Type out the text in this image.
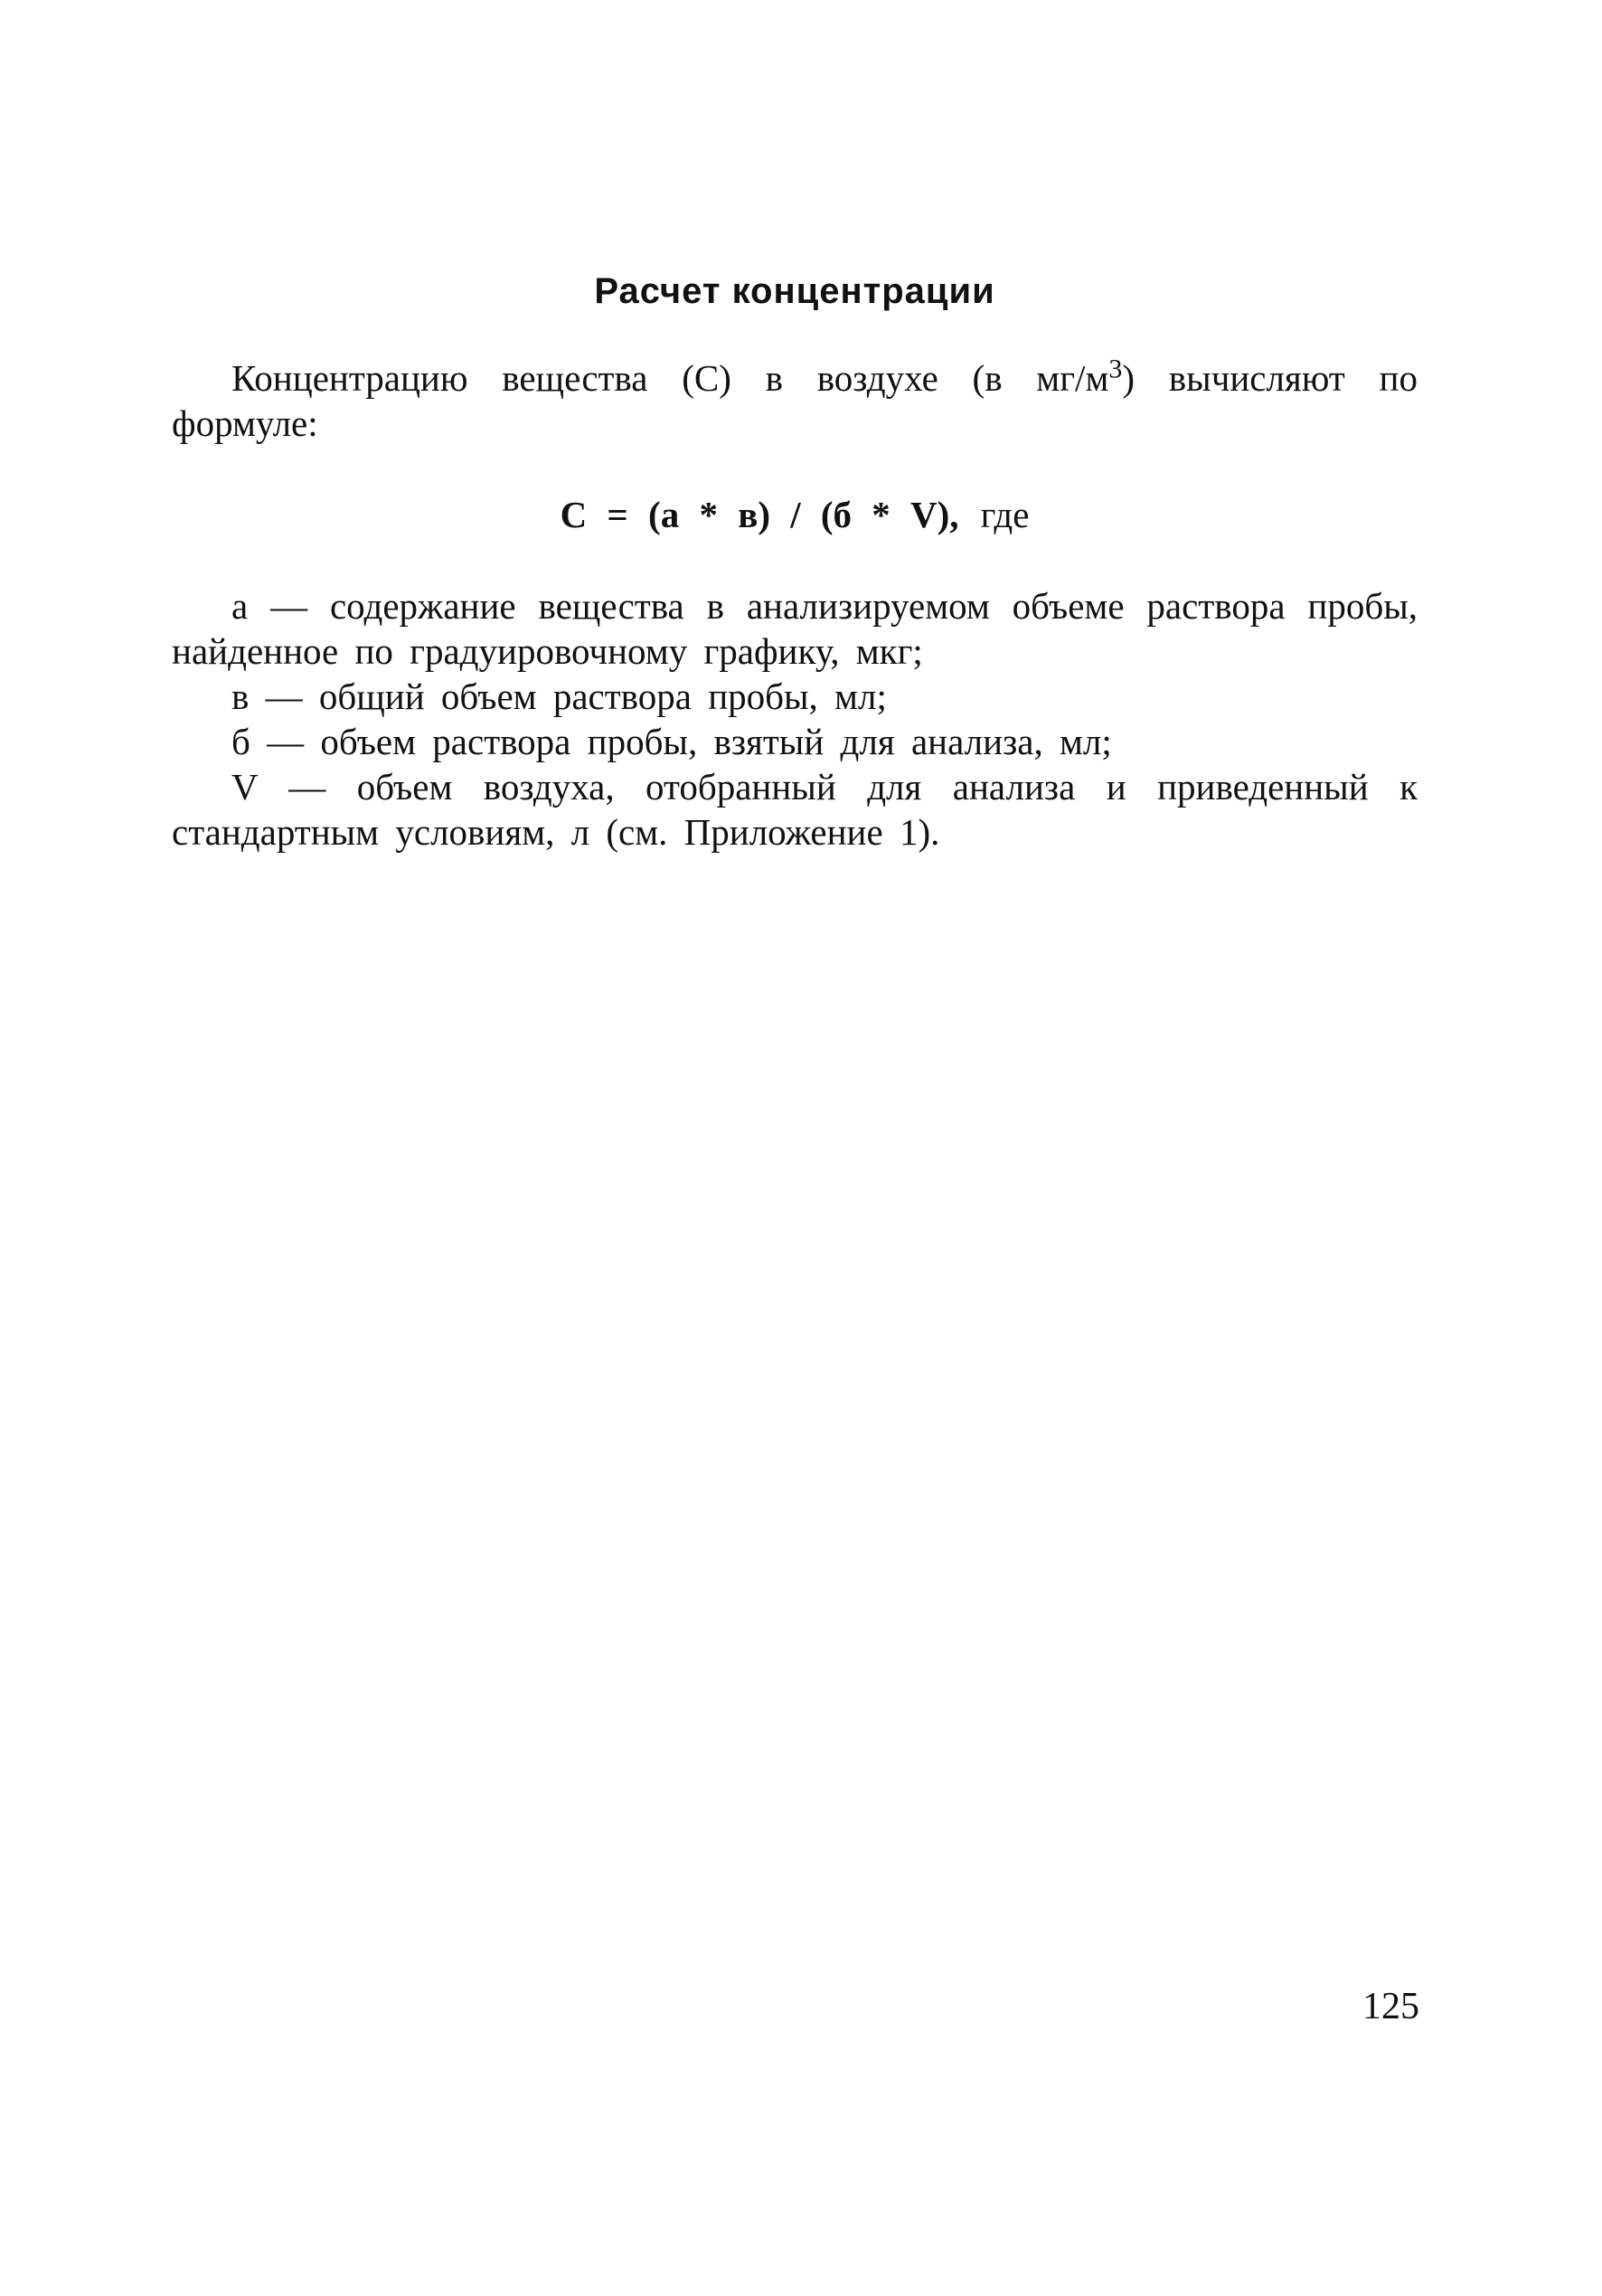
Расчет концентрации

Концентрацию вещества (С) в воздухе (в $мг/м^3$) вычисляют по формуле:

С = (а * в) / (б * V), где

а — содержание вещества в анализируемом объеме раствора пробы, найденное по градуировочному графику, мкг;

в — общий объем раствора пробы, мл;

б — объем раствора пробы, взятый для анализа, мл;

V — объем воздуха, отобранный для анализа и приведенный к стандартным условиям, л (см. Приложение 1).

125
